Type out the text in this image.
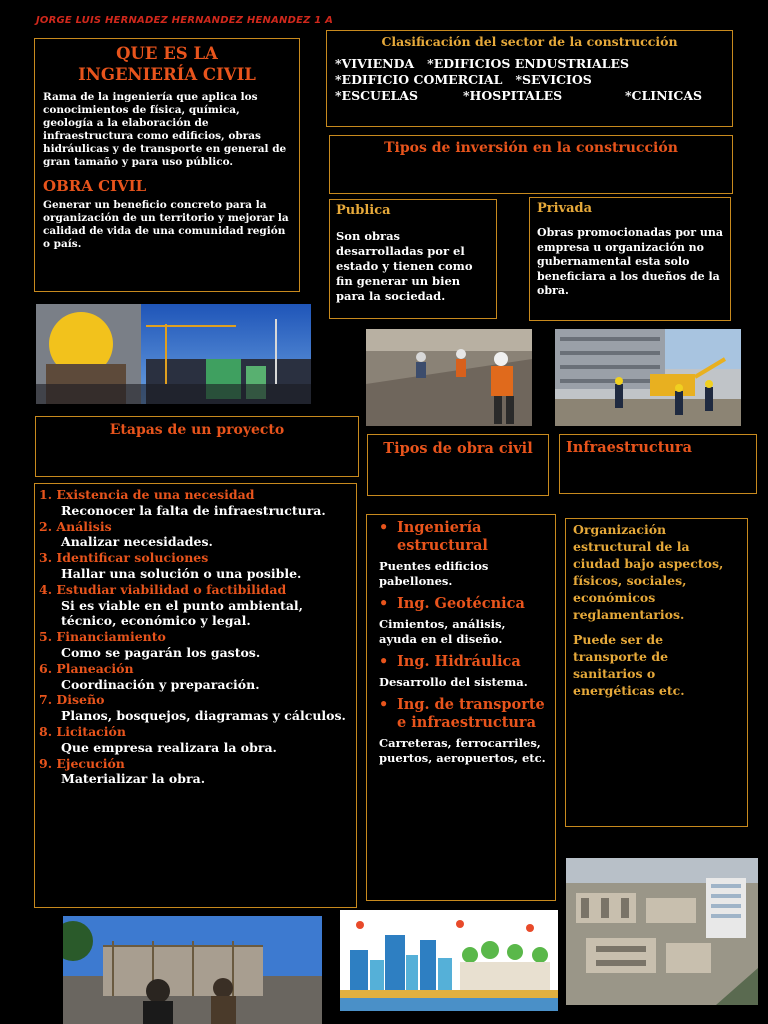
JORGE LUIS HERNADEZ HERNANDEZ HENANDEZ 1 A
QUE ES LA INGENIERÍA CIVIL
Rama de la ingeniería que aplica los conocimientos de física, química, geología a la elaboración de infraestructura como edificios, obras hidráulicas y de transporte en general de gran tamaño y para uso público.
OBRA CIVIL
Generar un beneficio concreto para la organización de un territorio y mejorar la calidad de vida de una comunidad región o país.
Clasificación del sector de la construcción
*VIVIENDA   *EDIFICIOS ENDUSTRIALES
*EDIFICIO COMERCIAL   *SEVICIOS
*ESCUELAS	*HOSPITALES	*CLINICAS
Tipos de inversión en la construcción
Publica
Son obras desarrolladas por el estado y tienen como fin generar un bien para la sociedad.
Privada
Obras promocionadas por una empresa u organización no gubernamental esta solo beneficiara a los dueños de la obra.
Etapas de un proyecto
1. Existencia de una necesidad
Reconocer la falta de infraestructura.
2. Análisis
Analizar necesidades.
3. Identificar soluciones
Hallar una solución o una posible.
4. Estudiar viabilidad o factibilidad
Si es viable en el punto ambiental, técnico, económico y legal.
5. Financiamiento
Como se pagarán los gastos.
6. Planeación
Coordinación y preparación.
7. Diseño
Planos, bosquejos, diagramas y cálculos.
8. Licitación
Que empresa realizara la obra.
9. Ejecución
Materializar la obra.
Tipos de obra civil
• Ingeniería estructural
Puentes edificios pabellones.
• Ing. Geotécnica
Cimientos, análisis, ayuda en el diseño.
• Ing. Hidráulica
Desarrollo del sistema.
• Ing. de transporte e infraestructura
Carreteras, ferrocarriles, puertos, aeropuertos, etc.
Infraestructura
Organización estructural de la ciudad bajo aspectos, físicos, sociales, económicos reglamentarios.
Puede ser de transporte de sanitarios o energéticas etc.
